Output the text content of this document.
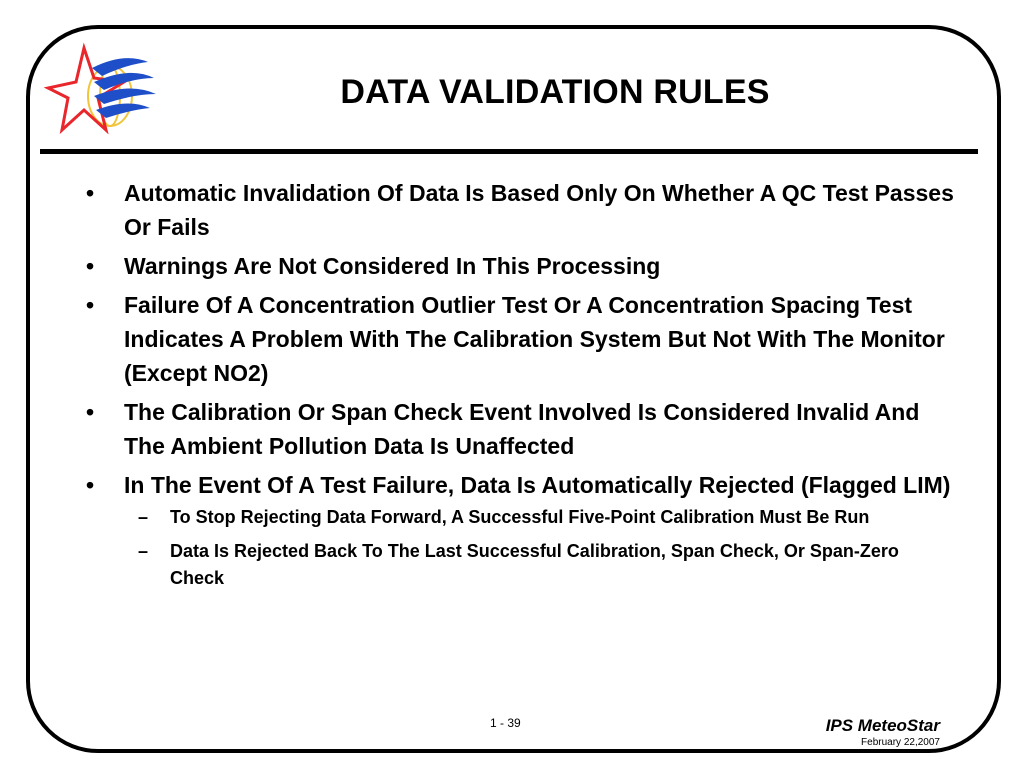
DATA VALIDATION RULES
•	Automatic Invalidation Of Data Is Based Only On Whether A QC Test Passes Or Fails
•	Warnings Are Not Considered In This Processing
•	Failure Of A Concentration Outlier Test Or A Concentration Spacing Test Indicates A Problem With The Calibration System But Not With The Monitor (Except NO2)
•	The Calibration Or Span Check Event Involved Is Considered Invalid And The Ambient Pollution Data Is Unaffected
•	In The Event Of A Test Failure, Data Is Automatically Rejected (Flagged LIM)
– To Stop Rejecting Data Forward, A Successful Five-Point Calibration Must Be Run
– Data Is Rejected Back To The Last Successful Calibration, Span Check, Or Span-Zero Check
1 - 39	IPS MeteoStar
February 22,2007
